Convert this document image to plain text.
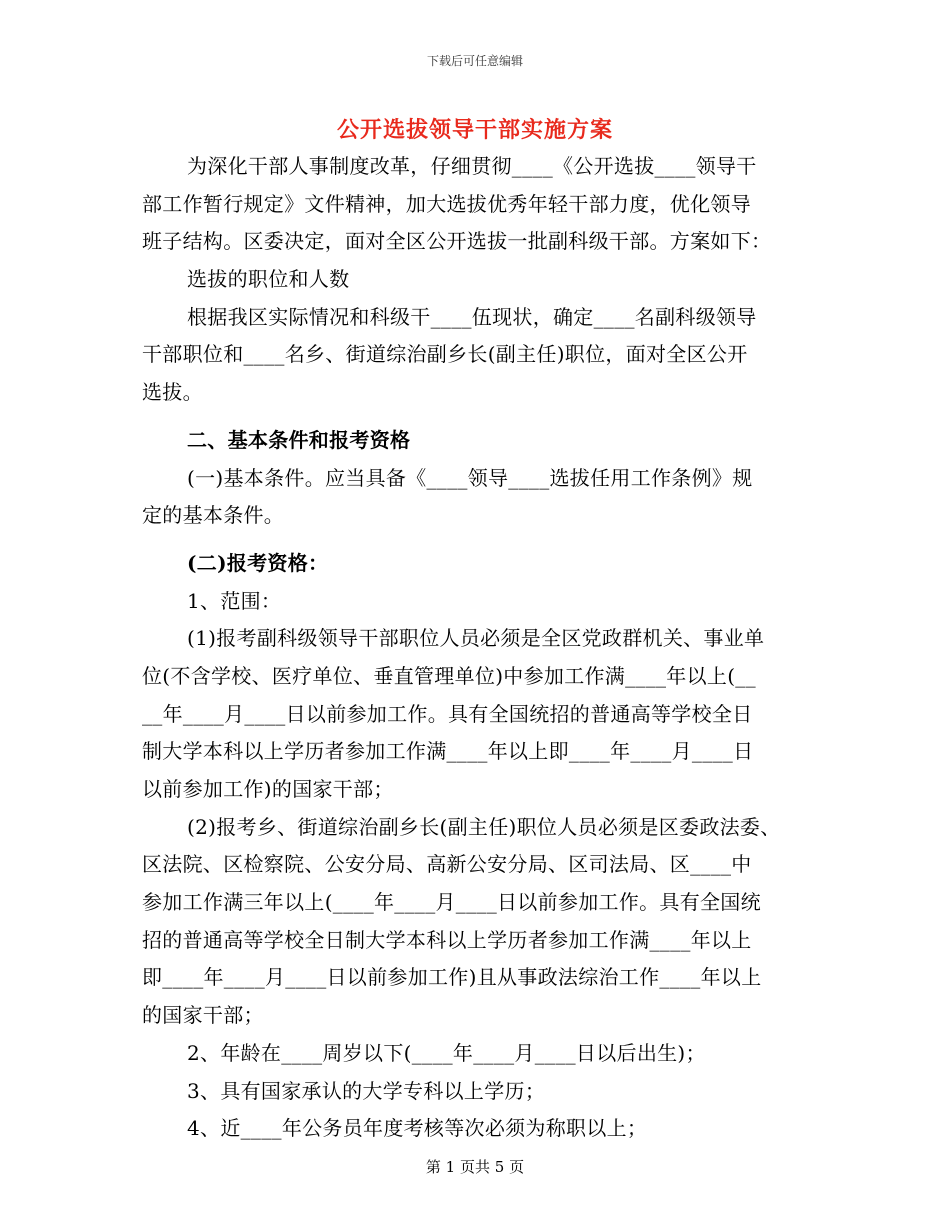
下载后可任意编辑
公开选拔领导干部实施方案
为深化干部人事制度改革，仔细贯彻____《公开选拔____领导干
部工作暂行规定》文件精神，加大选拔优秀年轻干部力度，优化领导
班子结构。区委决定，面对全区公开选拔一批副科级干部。方案如下：
选拔的职位和人数
根据我区实际情况和科级干____伍现状，确定____名副科级领导
干部职位和____名乡、街道综治副乡长(副主任)职位，面对全区公开
选拔。
二、基本条件和报考资格
(一)基本条件。应当具备《____领导____选拔任用工作条例》规
定的基本条件。
(二)报考资格：
1、范围：
(1)报考副科级领导干部职位人员必须是全区党政群机关、事业单
位(不含学校、医疗单位、垂直管理单位)中参加工作满____年以上(__
__年____月____日以前参加工作。具有全国统招的普通高等学校全日
制大学本科以上学历者参加工作满____年以上即____年____月____日
以前参加工作)的国家干部；
(2)报考乡、街道综治副乡长(副主任)职位人员必须是区委政法委、
区法院、区检察院、公安分局、高新公安分局、区司法局、区____中
参加工作满三年以上(____年____月____日以前参加工作。具有全国统
招的普通高等学校全日制大学本科以上学历者参加工作满____年以上
即____年____月____日以前参加工作)且从事政法综治工作____年以上
的国家干部；
2、年龄在____周岁以下(____年____月____日以后出生)；
3、具有国家承认的大学专科以上学历；
4、近____年公务员年度考核等次必须为称职以上；
第 1 页共 5 页
